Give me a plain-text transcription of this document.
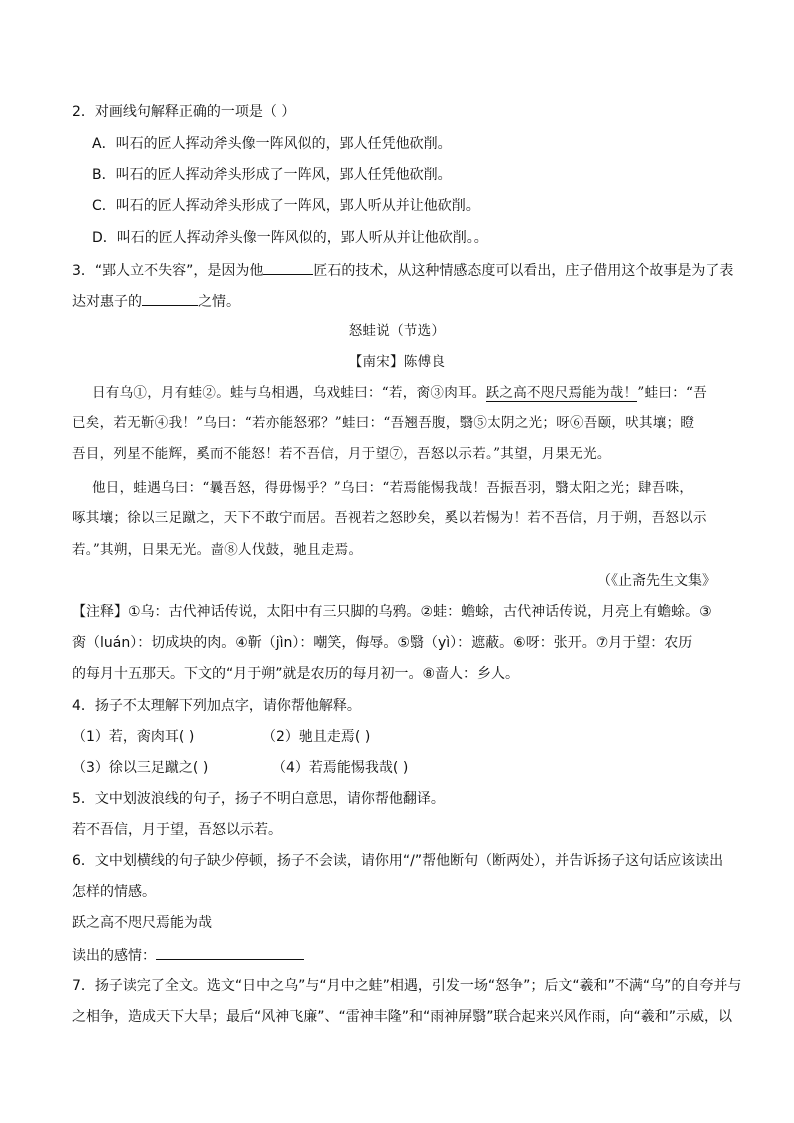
2．对画线句解释正确的一项是（ ）
A．叫石的匠人挥动斧头像一阵风似的，郢人任凭他砍削。
B．叫石的匠人挥动斧头形成了一阵风，郢人任凭他砍削。
C．叫石的匠人挥动斧头形成了一阵风，郢人听从并让他砍削。
D．叫石的匠人挥动斧头像一阵风似的，郢人听从并让他砍削。。
3．“郢人立不失容”，是因为他	匠石的技术，从这种情感态度可以看出，庄子借用这个故事是为了表
达对惠子的	之情。
怒蛙说（节选）
【南宋】陈傅良
日有乌①，月有蛙②。蛙与乌相遇，乌戏蛙曰：“若，脔③肉耳。跃之高不咫尺焉能为哉！”蛙曰：“吾
已矣，若无靳④我！”乌曰：“若亦能怒邪？”蛙曰：“吾翘吾腹，翳⑤太阴之光；呀⑥吾颐，吠其壤；瞪
吾目，列星不能辉，奚而不能怒！若不吾信，月于望⑦，吾怒以示若。”其望，月果无光。
他日，蛙遇乌曰：“曩吾怒，得毋惕乎？”乌曰：“若焉能惕我哉！吾振吾羽，翳太阳之光；肆吾咮，
啄其壤；徐以三足蹴之，天下不敢宁而居。吾视若之怒眇矣，奚以若惕为！若不吾信，月于朔，吾怒以示
若。”其朔，日果无光。啬⑧人伐鼓，驰且走焉。
（《止斋先生文集》
【注释】①乌：古代神话传说，太阳中有三只脚的乌鸦。②蛙：蟾蜍，古代神话传说，月亮上有蟾蜍。③
脔（luán）：切成块的肉。④靳（jìn）：嘲笑，侮辱。⑤翳（yì）：遮蔽。⑥呀：张开。⑦月于望：农历
的每月十五那天。下文的“月于朔”就是农历的每月初一。⑧啬人：乡人。
4．扬子不太理解下列加点字，请你帮他解释。
（1）若，脔肉耳( )	（2）驰且走焉( )
（3）徐以三足蹴之( )	（4）若焉能惕我哉( )
5．文中划波浪线的句子，扬子不明白意思，请你帮他翻译。
若不吾信，月于望，吾怒以示若。
6．文中划横线的句子缺少停顿，扬子不会读，请你用“/”帮他断句（断两处），并告诉扬子这句话应该读出
怎样的情感。
跃之高不咫尺焉能为哉
读出的感情：
7．扬子读完了全文。选文“日中之乌”与“月中之蛙”相遇，引发一场“怒争”；后文“羲和”不满“乌”的自夸并与
之相争，造成天下大旱；最后“风神飞廉”、“雷神丰隆”和“雨神屏翳”联合起来兴风作雨，向“羲和”示威，以
